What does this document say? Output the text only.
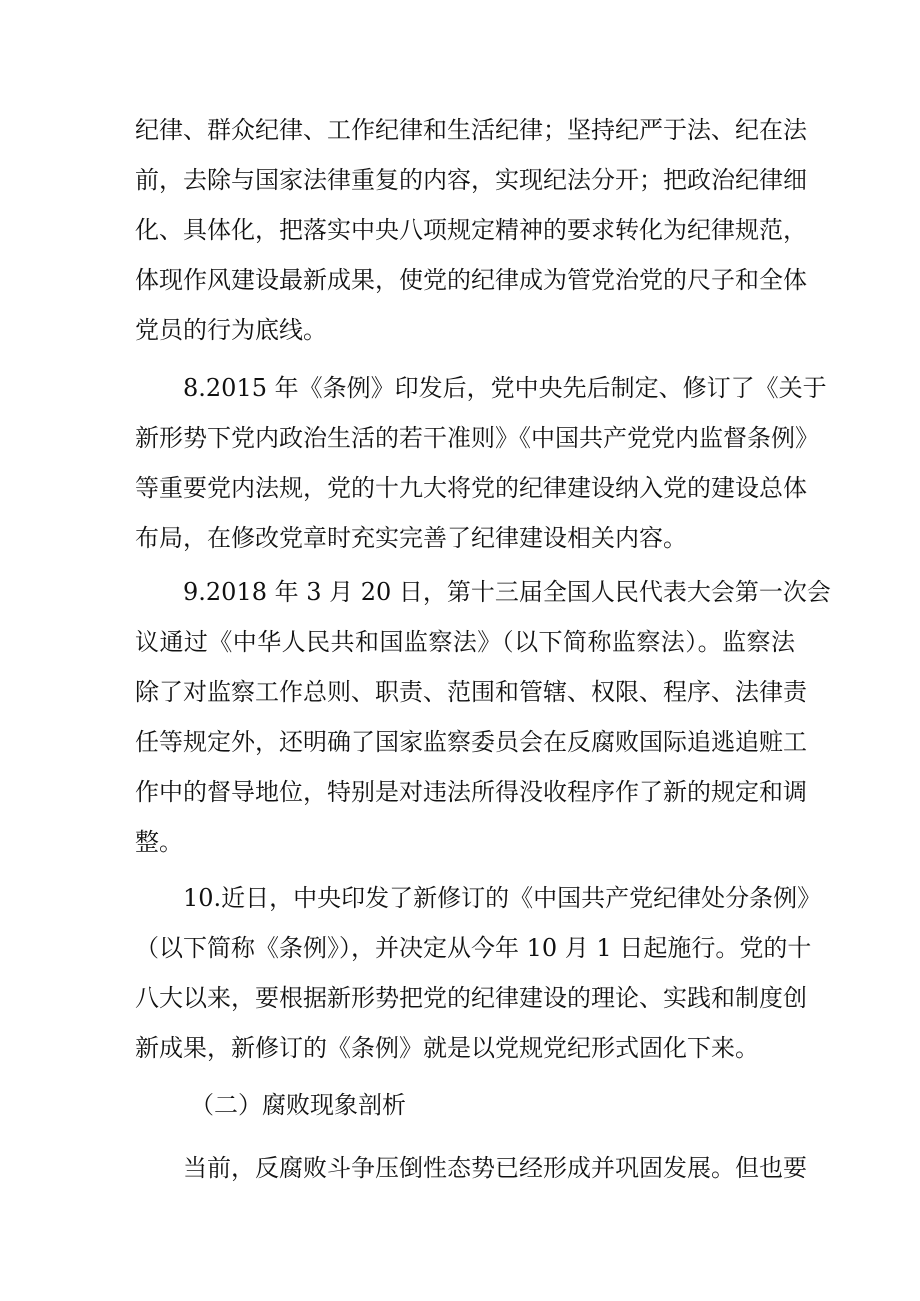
纪律、群众纪律、工作纪律和生活纪律；坚持纪严于法、纪在法
前，去除与国家法律重复的内容，实现纪法分开；把政治纪律细
化、具体化，把落实中央八项规定精神的要求转化为纪律规范，
体现作风建设最新成果，使党的纪律成为管党治党的尺子和全体
党员的行为底线。
8.2015 年《条例》印发后，党中央先后制定、修订了《关于
新形势下党内政治生活的若干准则》《中国共产党党内监督条例》
等重要党内法规，党的十九大将党的纪律建设纳入党的建设总体
布局，在修改党章时充实完善了纪律建设相关内容。
9.2018 年 3 月 20 日，第十三届全国人民代表大会第一次会
议通过《中华人民共和国监察法》（以下简称监察法）。监察法
除了对监察工作总则、职责、范围和管辖、权限、程序、法律责
任等规定外，还明确了国家监察委员会在反腐败国际追逃追赃工
作中的督导地位，特别是对违法所得没收程序作了新的规定和调
整。
10.近日，中央印发了新修订的《中国共产党纪律处分条例》
（以下简称《条例》），并决定从今年 10 月 1 日起施行。党的十
八大以来，要根据新形势把党的纪律建设的理论、实践和制度创
新成果，新修订的《条例》就是以党规党纪形式固化下来。
（二）腐败现象剖析
当前，反腐败斗争压倒性态势已经形成并巩固发展。但也要
